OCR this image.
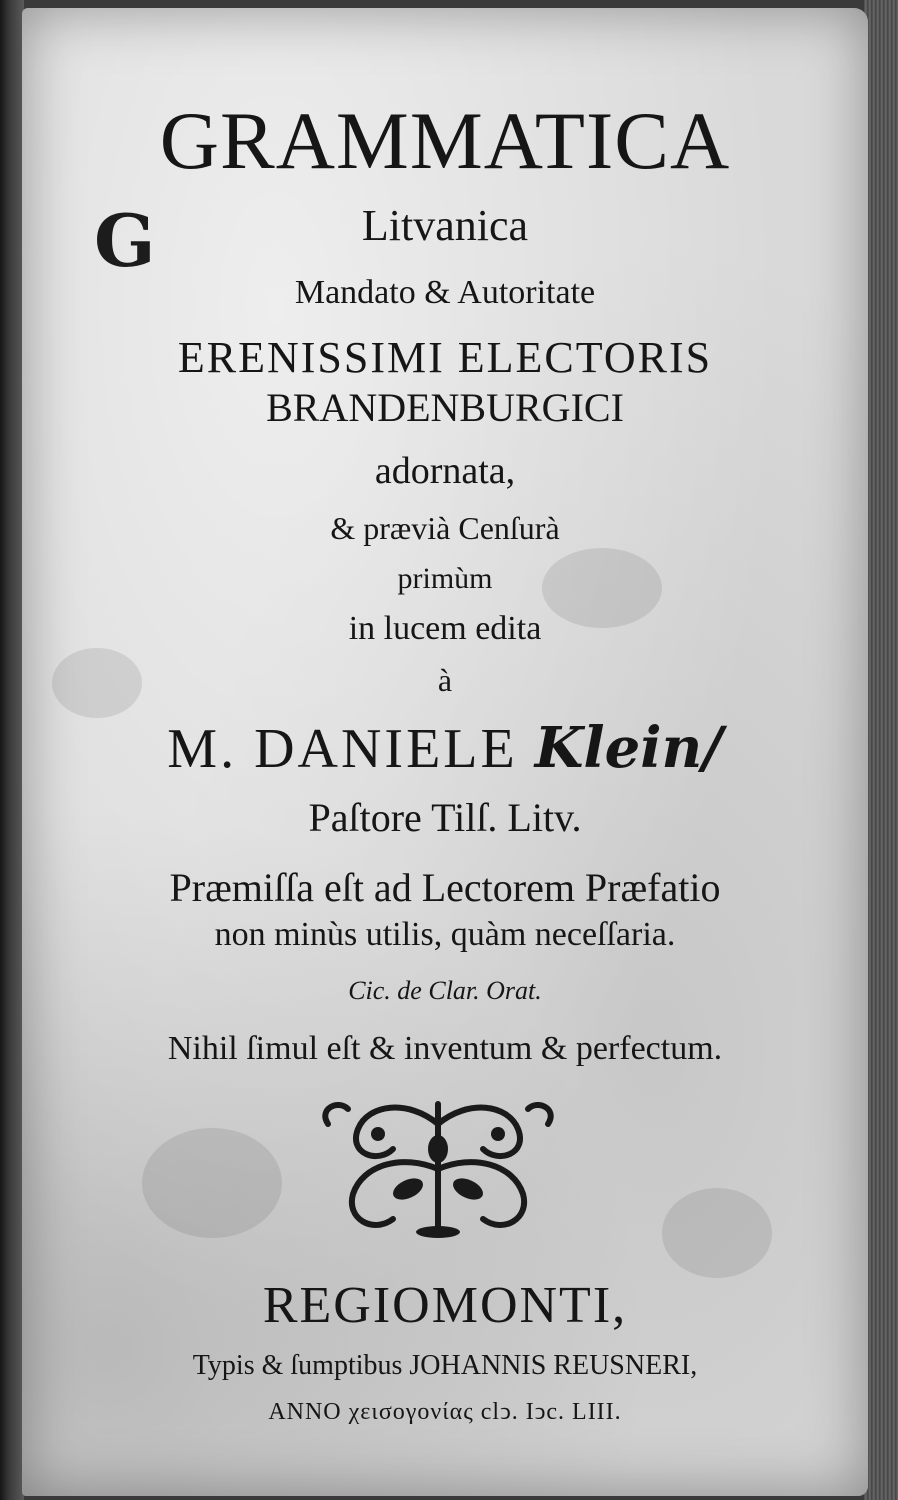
G
GRAMMATICA
Litvanica
Mandato & Autoritate
ERENISSIMI ELECTORIS
BRANDENBURGICI
adornata,
& prævià Cenſurà
primùm
in lucem edita
à
M. DANIELE Klein/
Paſtore Tilſ. Litv.
Præmiſſa eſt ad Lectorem Præfatio
non minùs utilis, quàm neceſſaria.
Cic. de Clar. Orat.
Nihil ſimul eſt & inventum & perfectum.
REGIOMONTI,
Typis & ſumptibus JOHANNIS REUSNERI,
ANNO χεισογονίας clↄ. Iↄc. LIII.
